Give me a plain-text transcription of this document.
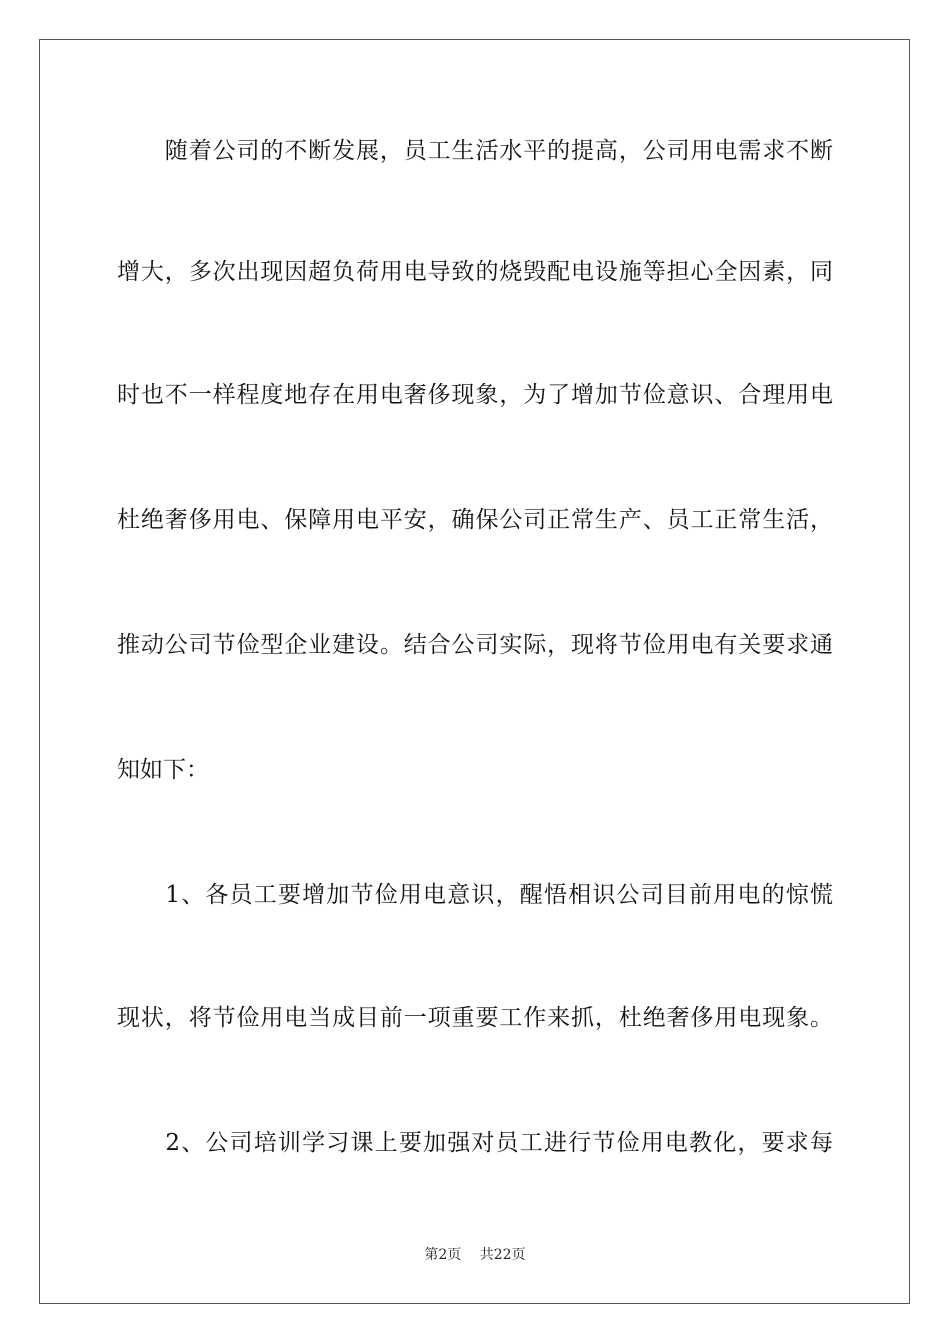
　　随着公司的不断发展，员工生活水平的提高，公司用电需求不断
增大，多次出现因超负荷用电导致的烧毁配电设施等担心全因素，同
时也不一样程度地存在用电奢侈现象，为了增加节俭意识、合理用电
杜绝奢侈用电、保障用电平安，确保公司正常生产、员工正常生活，
推动公司节俭型企业建设。结合公司实际，现将节俭用电有关要求通
知如下：
　　1、各员工要增加节俭用电意识，醒悟相识公司目前用电的惊慌
现状，将节俭用电当成目前一项重要工作来抓，杜绝奢侈用电现象。
　　2、公司培训学习课上要加强对员工进行节俭用电教化，要求每
第2页 共22页
